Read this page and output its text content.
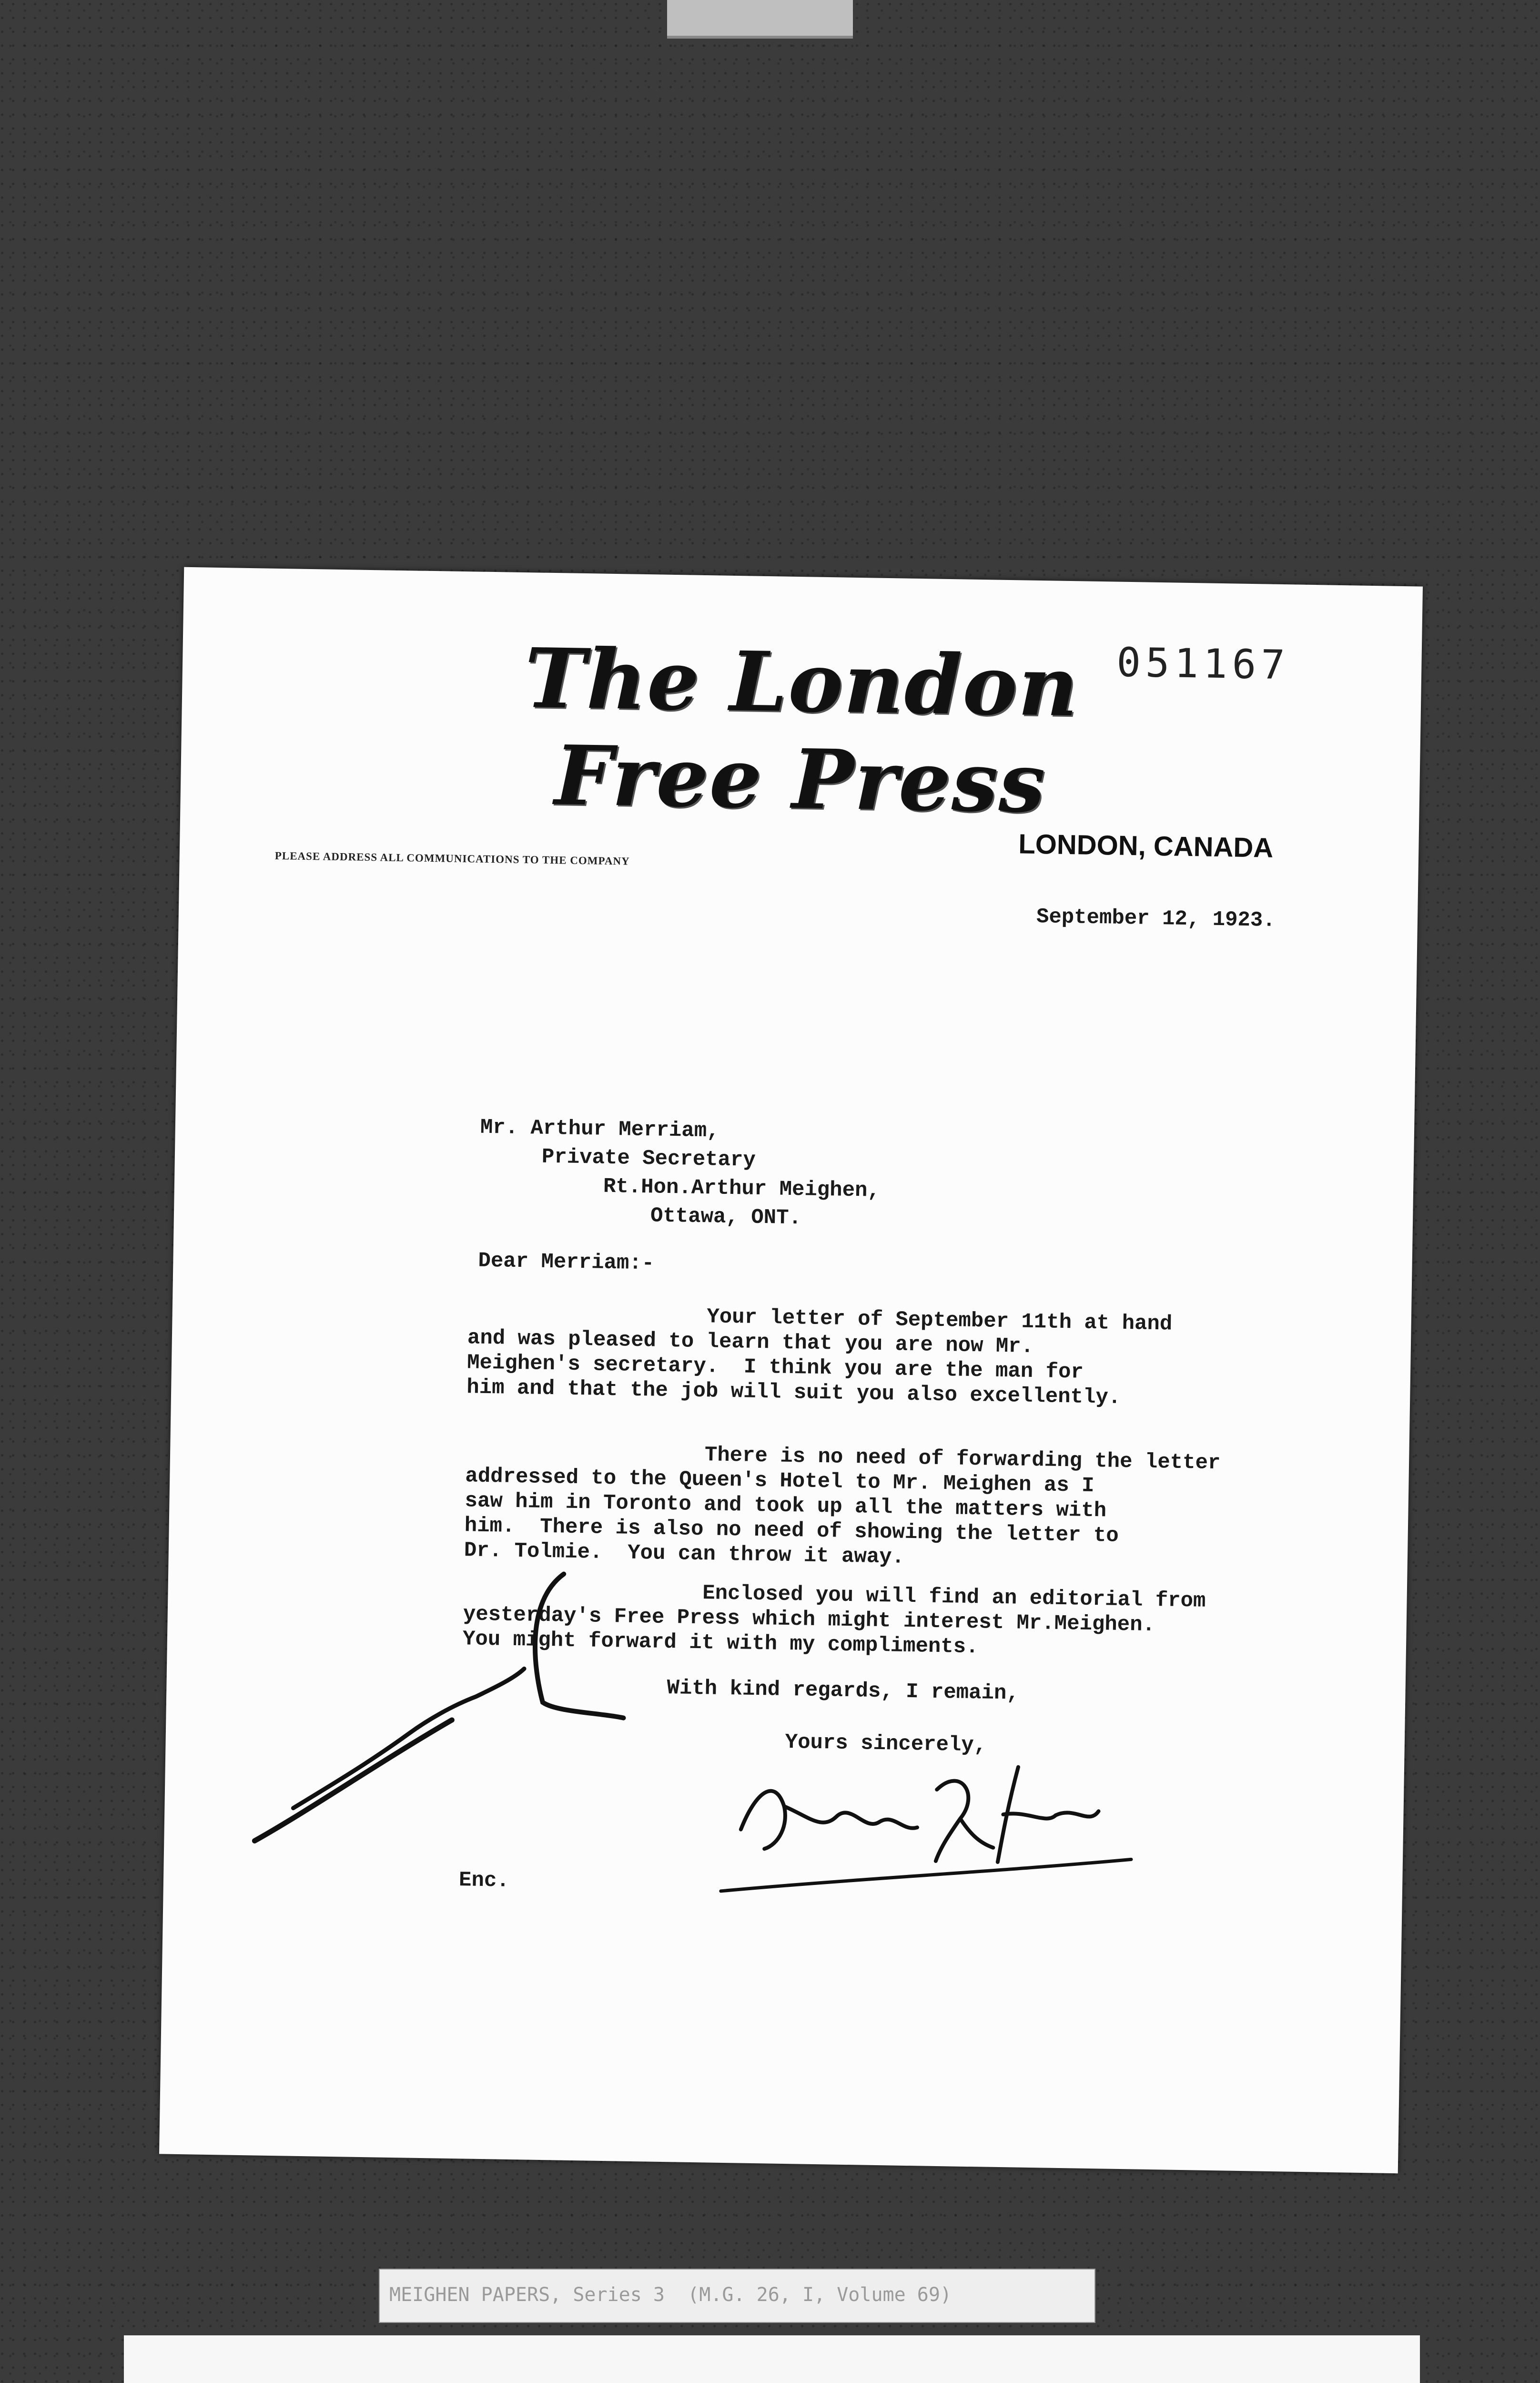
The London Free Press
051167
LONDON, CANADA
PLEASE ADDRESS ALL COMMUNICATIONS TO THE COMPANY
September 12, 1923.
Mr. Arthur Merriam,
Private Secretary
Rt.Hon.Arthur Meighen,
Ottawa, ONT.
Dear Merriam:-
Your letter of September 11th at hand
and was pleased to learn that you are now Mr.
Meighen's secretary.  I think you are the man for
him and that the job will suit you also excellently.
There is no need of forwarding the letter
addressed to the Queen's Hotel to Mr. Meighen as I
saw him in Toronto and took up all the matters with
him.  There is also no need of showing the letter to
Dr. Tolmie.  You can throw it away.
Enclosed you will find an editorial from
yesterday's Free Press which might interest Mr.Meighen.
You might forward it with my compliments.
With kind regards, I remain,
Yours sincerely,
Enc.
MEIGHEN PAPERS, Series 3  (M.G. 26, I, Volume 69)
